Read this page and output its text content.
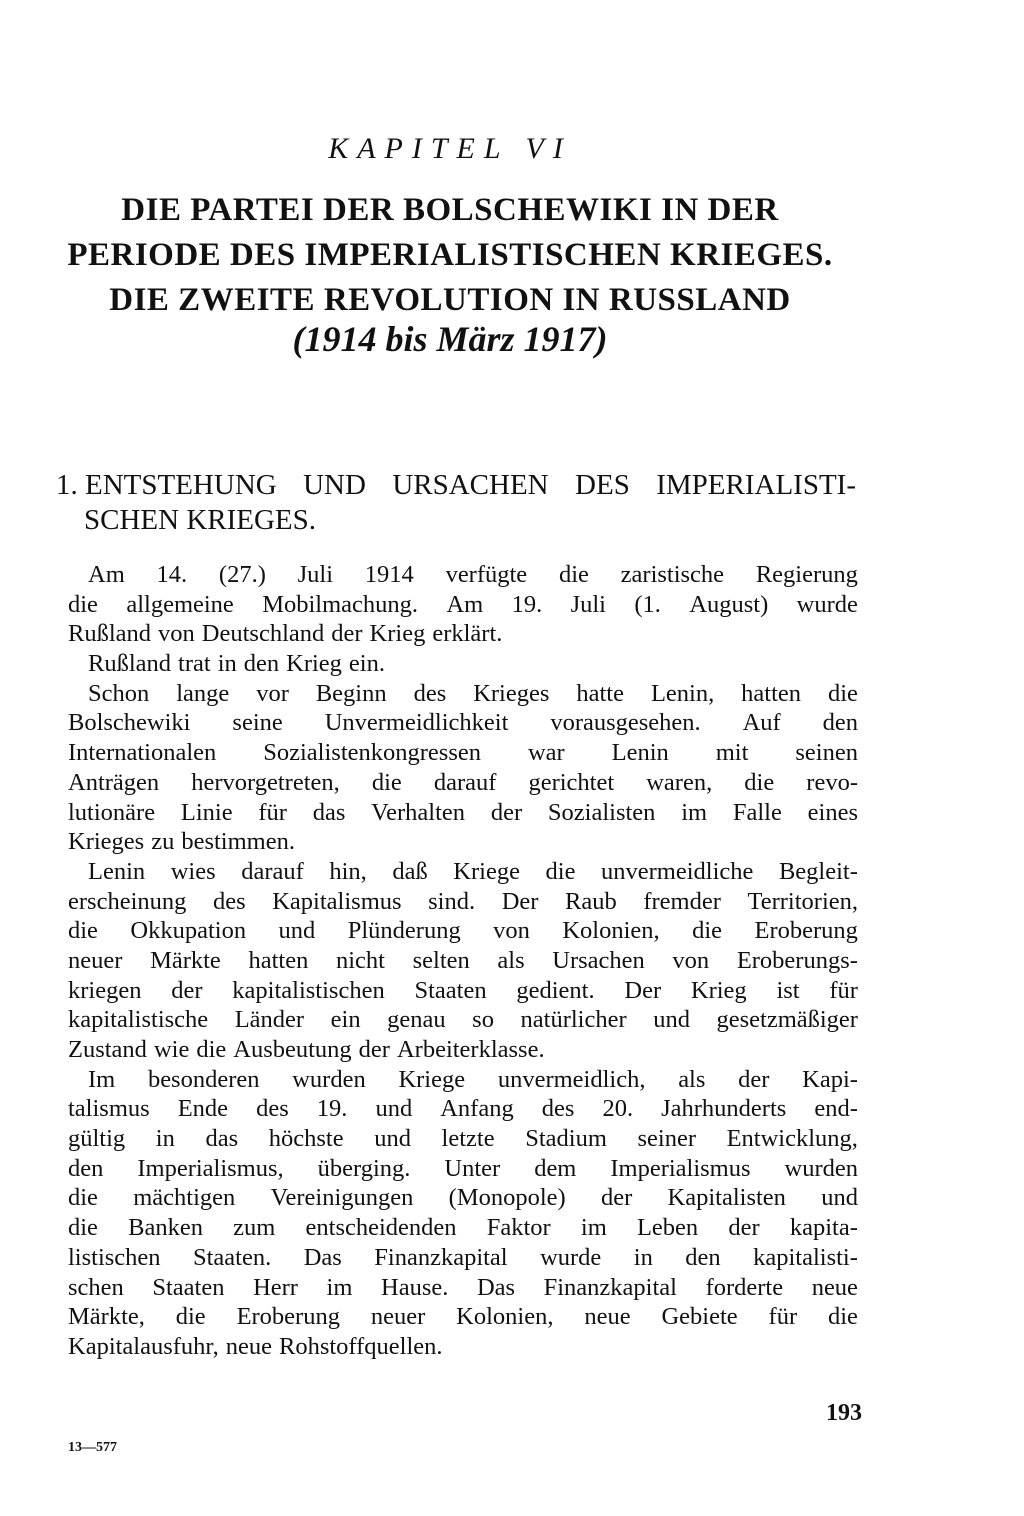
KAPITEL VI
DIE PARTEI DER BOLSCHEWIKI IN DER
PERIODE DES IMPERIALISTISCHEN KRIEGES.
DIE ZWEITE REVOLUTION IN RUSSLAND
(1914 bis März 1917)
1. ENTSTEHUNG UND URSACHEN DES IMPERIALISTI-
SCHEN KRIEGES.
Am 14. (27.) Juli 1914 verfügte die zaristische Regierung
die allgemeine Mobilmachung. Am 19. Juli (1. August) wurde
Rußland von Deutschland der Krieg erklärt.
Rußland trat in den Krieg ein.
Schon lange vor Beginn des Krieges hatte Lenin, hatten die
Bolschewiki seine Unvermeidlichkeit vorausgesehen. Auf den
Internationalen Sozialistenkongressen war Lenin mit seinen
Anträgen hervorgetreten, die darauf gerichtet waren, die revo-
lutionäre Linie für das Verhalten der Sozialisten im Falle eines
Krieges zu bestimmen.
Lenin wies darauf hin, daß Kriege die unvermeidliche Begleit-
erscheinung des Kapitalismus sind. Der Raub fremder Territorien,
die Okkupation und Plünderung von Kolonien, die Eroberung
neuer Märkte hatten nicht selten als Ursachen von Eroberungs-
kriegen der kapitalistischen Staaten gedient. Der Krieg ist für
kapitalistische Länder ein genau so natürlicher und gesetzmäßiger
Zustand wie die Ausbeutung der Arbeiterklasse.
Im besonderen wurden Kriege unvermeidlich, als der Kapi-
talismus Ende des 19. und Anfang des 20. Jahrhunderts end-
gültig in das höchste und letzte Stadium seiner Entwicklung,
den Imperialismus, überging. Unter dem Imperialismus wurden
die mächtigen Vereinigungen (Monopole) der Kapitalisten und
die Banken zum entscheidenden Faktor im Leben der kapita-
listischen Staaten. Das Finanzkapital wurde in den kapitalisti-
schen Staaten Herr im Hause. Das Finanzkapital forderte neue
Märkte, die Eroberung neuer Kolonien, neue Gebiete für die
Kapitalausfuhr, neue Rohstoffquellen.
193
13—577
